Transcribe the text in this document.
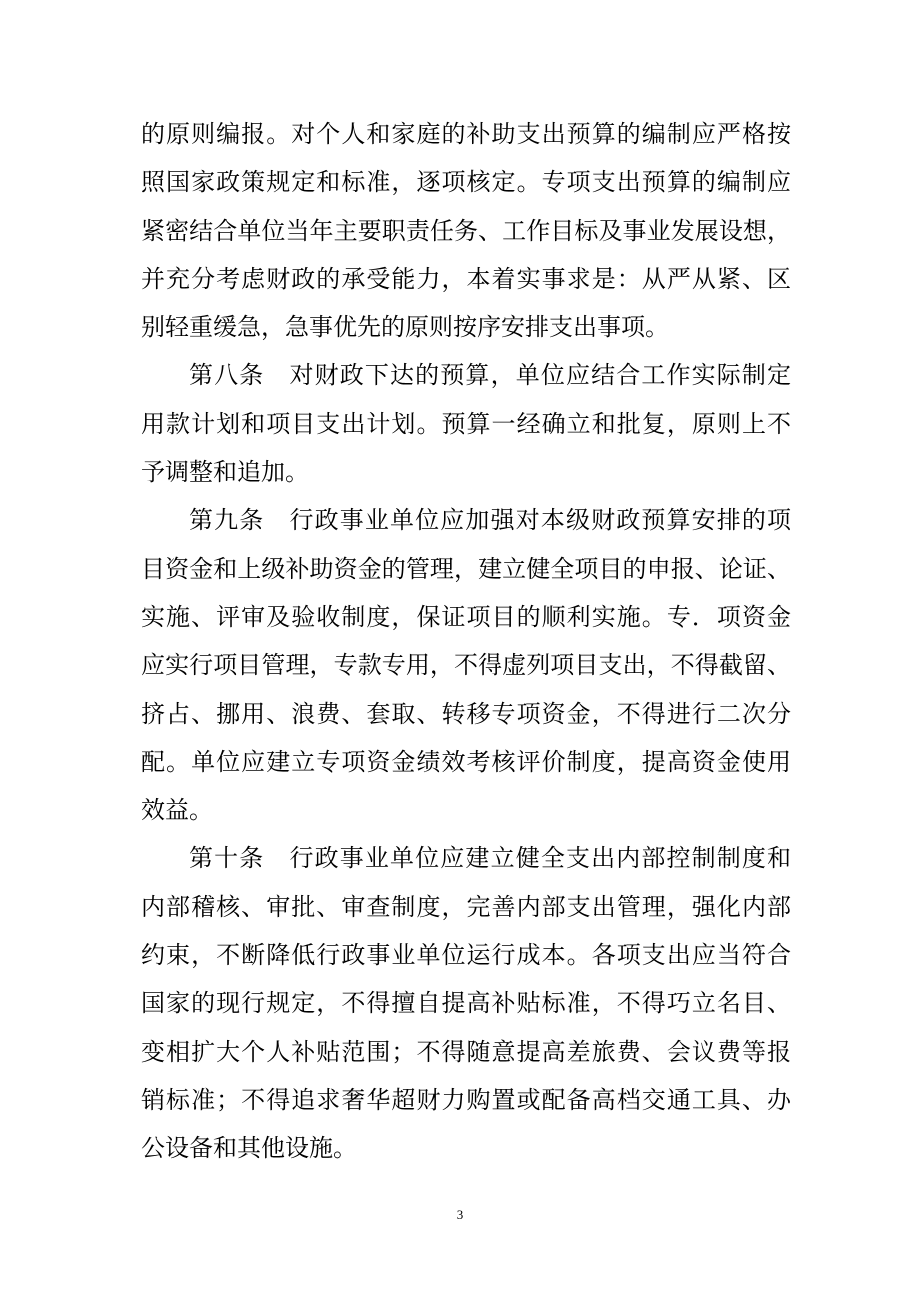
的原则编报。对个人和家庭的补助支出预算的编制应严格按
照国家政策规定和标准，逐项核定。专项支出预算的编制应
紧密结合单位当年主要职责任务、工作目标及事业发展设想，
并充分考虑财政的承受能力，本着实事求是：从严从紧、区
别轻重缓急，急事优先的原则按序安排支出事项。
第八条　对财政下达的预算，单位应结合工作实际制定
用款计划和项目支出计划。预算一经确立和批复，原则上不
予调整和追加。
第九条　行政事业单位应加强对本级财政预算安排的项
目资金和上级补助资金的管理，建立健全项目的申报、论证、
实施、评审及验收制度，保证项目的顺利实施。专．项资金
应实行项目管理，专款专用，不得虚列项目支出，不得截留、
挤占、挪用、浪费、套取、转移专项资金，不得进行二次分
配。单位应建立专项资金绩效考核评价制度，提高资金使用
效益。
第十条　行政事业单位应建立健全支出内部控制制度和
内部稽核、审批、审查制度，完善内部支出管理，强化内部
约束，不断降低行政事业单位运行成本。各项支出应当符合
国家的现行规定，不得擅自提高补贴标准，不得巧立名目、
变相扩大个人补贴范围；不得随意提高差旅费、会议费等报
销标准；不得追求奢华超财力购置或配备高档交通工具、办
公设备和其他设施。
3
